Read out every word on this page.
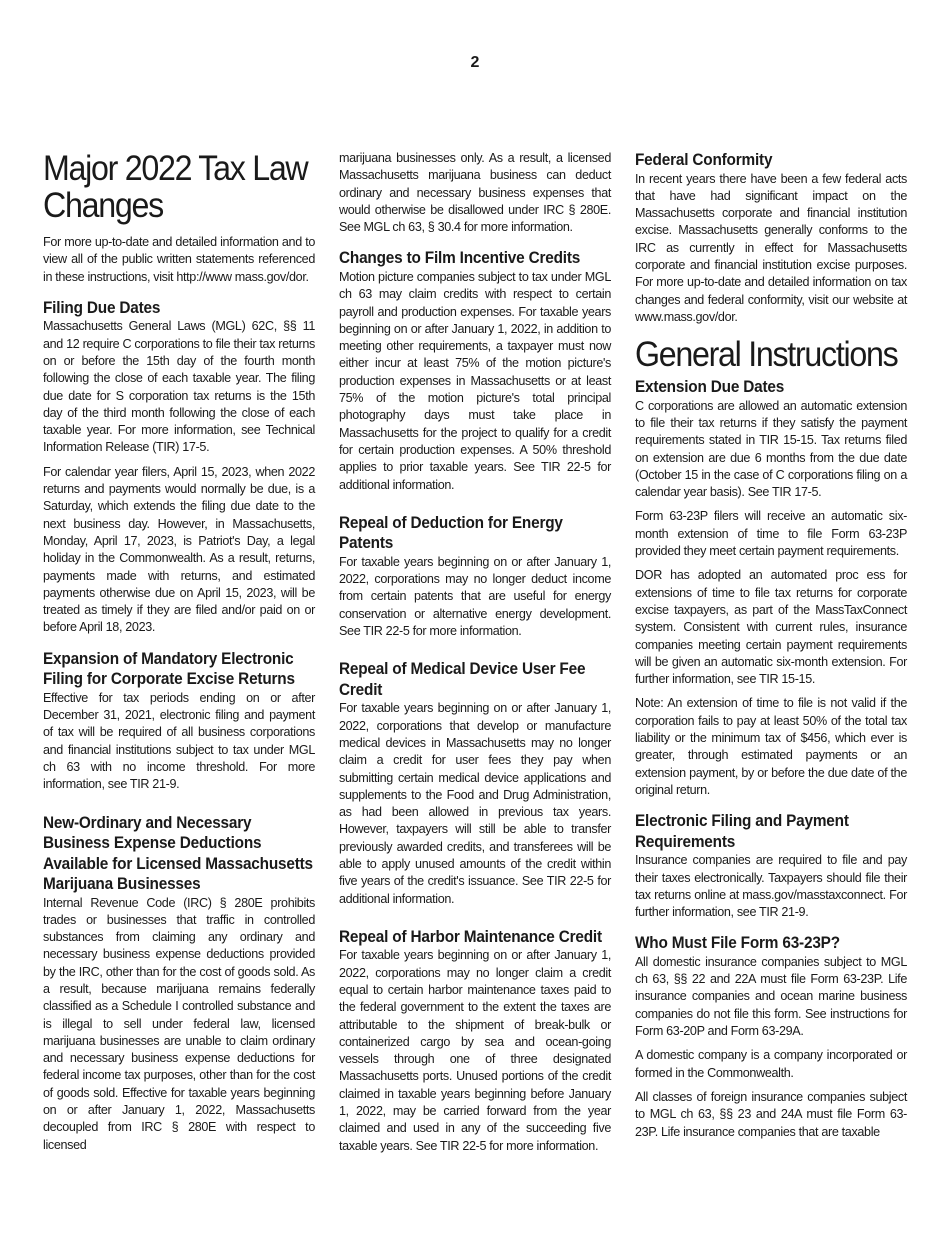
2
Major 2022 Tax Law Changes

For more up-to-date and detailed information and to view all of the public written statements referenced in these instructions, visit http://www mass.gov/dor.

Filing Due Dates

Massachusetts General Laws (MGL) 62C, §§ 11 and 12 require C corporations to file their tax returns on or before the 15th day of the fourth month following the close of each taxable year. The filing due date for S corporation tax returns is the 15th day of the third month following the close of each taxable year. For more information, see Technical Information Release (TIR) 17-5.

For calendar year filers, April 15, 2023, when 2022 returns and payments would normally be due, is a Saturday, which extends the filing due date to the next business day. However, in Massachusetts, Monday, April 17, 2023, is Patriot's Day, a legal holiday in the Commonwealth. As a result, returns, payments made with returns, and estimated payments otherwise due on April 15, 2023, will be treated as timely if they are filed and/or paid on or before April 18, 2023.

Expansion of Mandatory Electronic Filing for Corporate Excise Returns

Effective for tax periods ending on or after December 31, 2021, electronic filing and payment of tax will be required of all business corporations and financial institutions subject to tax under MGL ch 63 with no income threshold. For more information, see TIR 21-9.

New-Ordinary and Necessary Business Expense Deductions Available for Licensed Massachusetts Marijuana Businesses

Internal Revenue Code (IRC) § 280E prohibits trades or businesses that traffic in controlled substances from claiming any ordinary and necessary business expense deductions provided by the IRC, other than for the cost of goods sold. As a result, because marijuana remains federally classified as a Schedule I controlled substance and is illegal to sell under federal law, licensed marijuana businesses are unable to claim ordinary and necessary business expense deductions for federal income tax purposes, other than for the cost of goods sold. Effective for taxable years beginning on or after January 1, 2022, Massachusetts decoupled from IRC § 280E with respect to licensed

marijuana businesses only. As a result, a licensed Massachusetts marijuana business can deduct ordinary and necessary business expenses that would otherwise be disallowed under IRC § 280E. See MGL ch 63, § 30.4 for more information.

Changes to Film Incentive Credits

Motion picture companies subject to tax under MGL ch 63 may claim credits with respect to certain payroll and production expenses. For taxable years beginning on or after January 1, 2022, in addition to meeting other requirements, a taxpayer must now either incur at least 75% of the motion picture's production expenses in Massachusetts or at least 75% of the motion picture's total principal photography days must take place in Massachusetts for the project to qualify for a credit for certain production expenses. A 50% threshold applies to prior taxable years. See TIR 22-5 for additional information.

Repeal of Deduction for Energy Patents

For taxable years beginning on or after January 1, 2022, corporations may no longer deduct income from certain patents that are useful for energy conservation or alternative energy development. See TIR 22-5 for more information.

Repeal of Medical Device User Fee Credit

For taxable years beginning on or after January 1, 2022, corporations that develop or manufacture medical devices in Massachusetts may no longer claim a credit for user fees they pay when submitting certain medical device applications and supplements to the Food and Drug Administration, as had been allowed in previous tax years. However, taxpayers will still be able to transfer previously awarded credits, and transferees will be able to apply unused amounts of the credit within five years of the credit's issuance. See TIR 22-5 for additional information.

Repeal of Harbor Maintenance Credit

For taxable years beginning on or after January 1, 2022, corporations may no longer claim a credit equal to certain harbor maintenance taxes paid to the federal government to the extent the taxes are attributable to the shipment of break-bulk or containerized cargo by sea and ocean-going vessels through one of three designated Massachusetts ports. Unused portions of the credit claimed in taxable years beginning before January 1, 2022, may be carried forward from the year claimed and used in any of the succeeding five taxable years. See TIR 22-5 for more information.

Federal Conformity

In recent years there have been a few federal acts that have had significant impact on the Massachusetts corporate and financial institution excise. Massachusetts generally conforms to the IRC as currently in effect for Massachusetts corporate and financial institution excise purposes. For more up-to-date and detailed information on tax changes and federal conformity, visit our website at www.mass.gov/dor.

General Instructions
Extension Due Dates

C corporations are allowed an automatic extension to file their tax returns if they satisfy the payment requirements stated in TIR 15-15. Tax returns filed on extension are due 6 months from the due date (October 15 in the case of C corporations filing on a calendar year basis). See TIR 17-5.

Form 63-23P filers will receive an automatic six-month extension of time to file Form 63-23P provided they meet certain payment requirements.

DOR has adopted an automated proc ess for extensions of time to file tax returns for corporate excise taxpayers, as part of the MassTaxConnect system. Consistent with current rules, insurance companies meeting certain payment requirements will be given an automatic six-month extension. For further information, see TIR 15-15.

Note: An extension of time to file is not valid if the corporation fails to pay at least 50% of the total tax liability or the minimum tax of $456, which ever is greater, through estimated payments or an extension payment, by or before the due date of the original return.

Electronic Filing and Payment Requirements

Insurance companies are required to file and pay their taxes electronically. Taxpayers should file their tax returns online at mass.gov/masstaxconnect. For further information, see TIR 21-9.

Who Must File Form 63-23P?

All domestic insurance companies subject to MGL ch 63, §§ 22 and 22A must file Form 63-23P. Life insurance companies and ocean marine business companies do not file this form. See instructions for Form 63-20P and Form 63-29A.

A domestic company is a company incorporated or formed in the Commonwealth.

All classes of foreign insurance companies subject to MGL ch 63, §§ 23 and 24A must file Form 63-23P. Life insurance companies that are taxable
